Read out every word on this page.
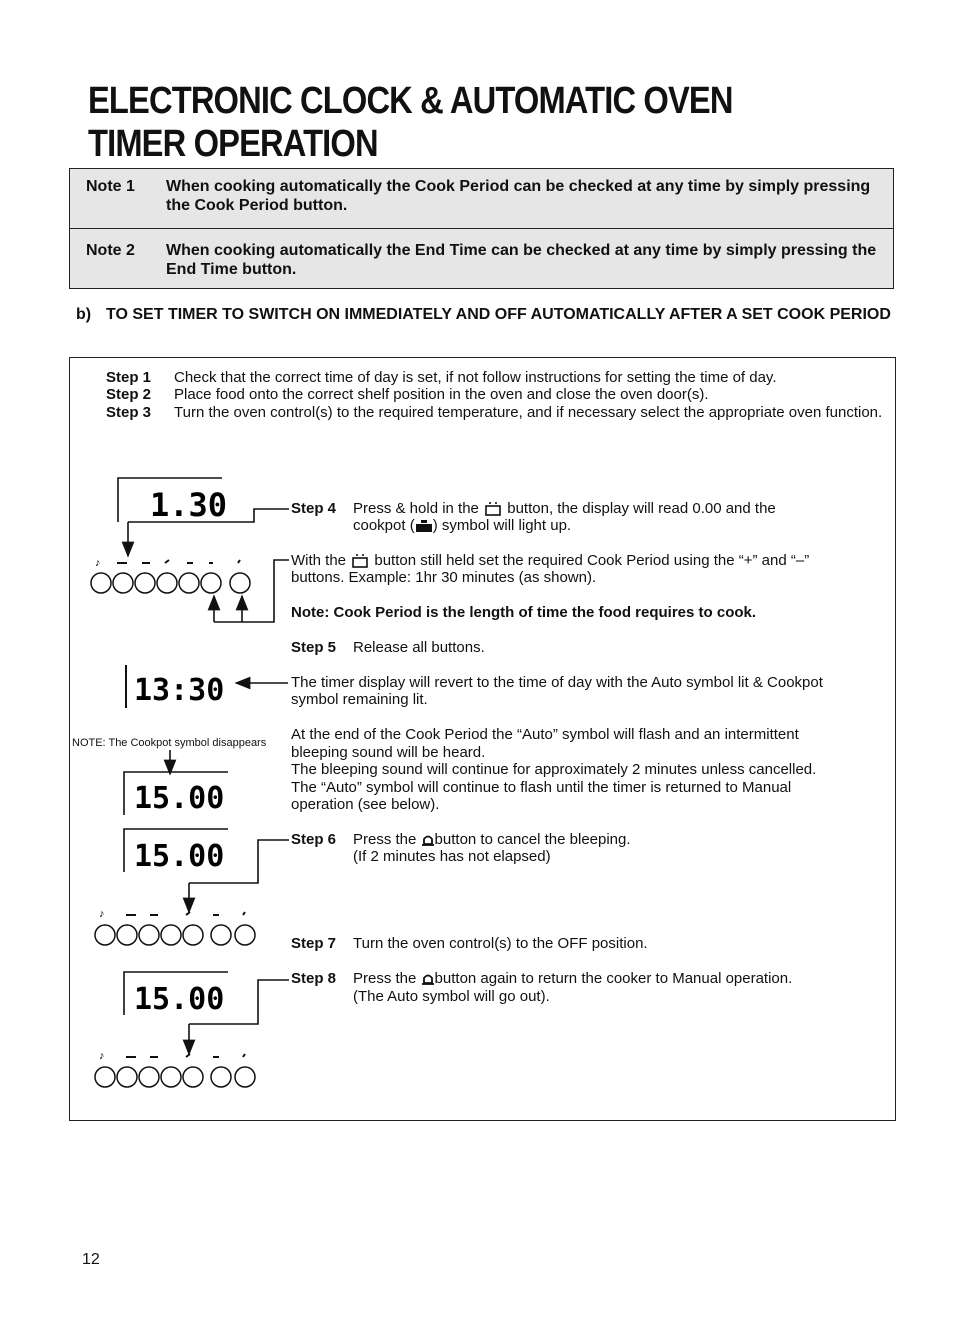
ELECTRONIC CLOCK & AUTOMATIC OVEN
TIMER OPERATION
Note 1 When cooking automatically the Cook Period can be checked at any time by simply pressing the Cook Period button.
Note 2 When cooking automatically the End Time can be checked at any time by simply pressing the End Time button.
b) TO SET TIMER TO SWITCH ON IMMEDIATELY AND OFF AUTOMATICALLY AFTER A SET COOK PERIOD
Step 1 Check that the correct time of day is set, if not follow instructions for setting the time of day.
Step 2 Place food onto the correct shelf position in the oven and close the oven door(s).
Step 3 Turn the oven control(s) to the required temperature, and if necessary select the appropriate oven function.
Step 4 Press & hold in the button, the display will read 0.00 and the
cookpot ( ) symbol will light up.
With the button still held set the required Cook Period using the “+” and “–”
buttons. Example: 1hr 30 minutes (as shown).
Note: Cook Period is the length of time the food requires to cook.
Step 5 Release all buttons.
The timer display will revert to the time of day with the Auto symbol lit & Cookpot
symbol remaining lit.
At the end of the Cook Period the “Auto” symbol will flash and an intermittent
bleeping sound will be heard.
The bleeping sound will continue for approximately 2 minutes unless cancelled.
The “Auto” symbol will continue to flash until the timer is returned to Manual
operation (see below).
NOTE: The Cookpot symbol disappears
Step 6 Press the button to cancel the bleeping.
(If 2 minutes has not elapsed)
Step 7 Turn the oven control(s) to the OFF position.
Step 8 Press the button again to return the cooker to Manual operation.
(The Auto symbol will go out).
1.30
♪
13:30
15.00
15.00
♪
15.00
♪
12
